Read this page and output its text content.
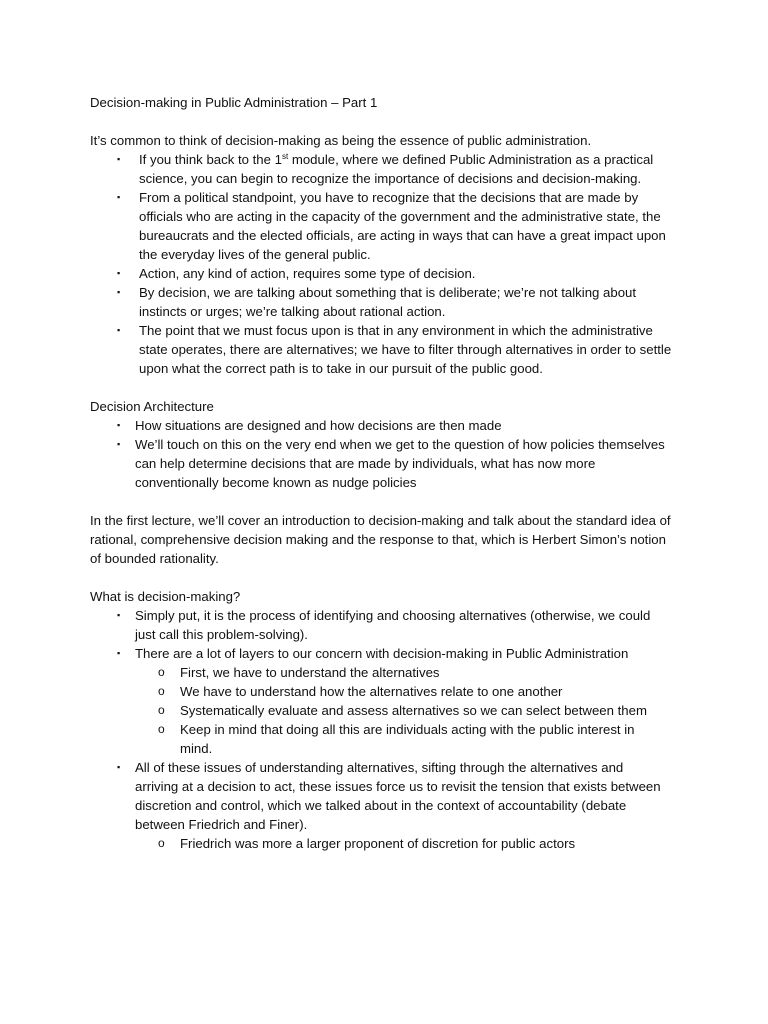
Decision-making in Public Administration – Part 1

It’s common to think of decision-making as being the essence of public administration.

▪ If you think back to the 1st module, where we defined Public Administration as a practical science, you can begin to recognize the importance of decisions and decision-making.
▪ From a political standpoint, you have to recognize that the decisions that are made by officials who are acting in the capacity of the government and the administrative state, the bureaucrats and the elected officials, are acting in ways that can have a great impact upon the everyday lives of the general public.
▪ Action, any kind of action, requires some type of decision.
▪ By decision, we are talking about something that is deliberate; we’re not talking about instincts or urges; we’re talking about rational action.
▪ The point that we must focus upon is that in any environment in which the administrative state operates, there are alternatives; we have to filter through alternatives in order to settle upon what the correct path is to take in our pursuit of the public good.

Decision Architecture

▪ How situations are designed and how decisions are then made
▪ We’ll touch on this on the very end when we get to the question of how policies themselves can help determine decisions that are made by individuals, what has now more conventionally become known as nudge policies

In the first lecture, we’ll cover an introduction to decision-making and talk about the standard idea of rational, comprehensive decision making and the response to that, which is Herbert Simon’s notion of bounded rationality.

What is decision-making?

▪ Simply put, it is the process of identifying and choosing alternatives (otherwise, we could just call this problem-solving).
▪ There are a lot of layers to our concern with decision-making in Public Administration
o First, we have to understand the alternatives
o We have to understand how the alternatives relate to one another
o Systematically evaluate and assess alternatives so we can select between them
o Keep in mind that doing all this are individuals acting with the public interest in mind.
▪ All of these issues of understanding alternatives, sifting through the alternatives and arriving at a decision to act, these issues force us to revisit the tension that exists between discretion and control, which we talked about in the context of accountability (debate between Friedrich and Finer).
o Friedrich was more a larger proponent of discretion for public actors
